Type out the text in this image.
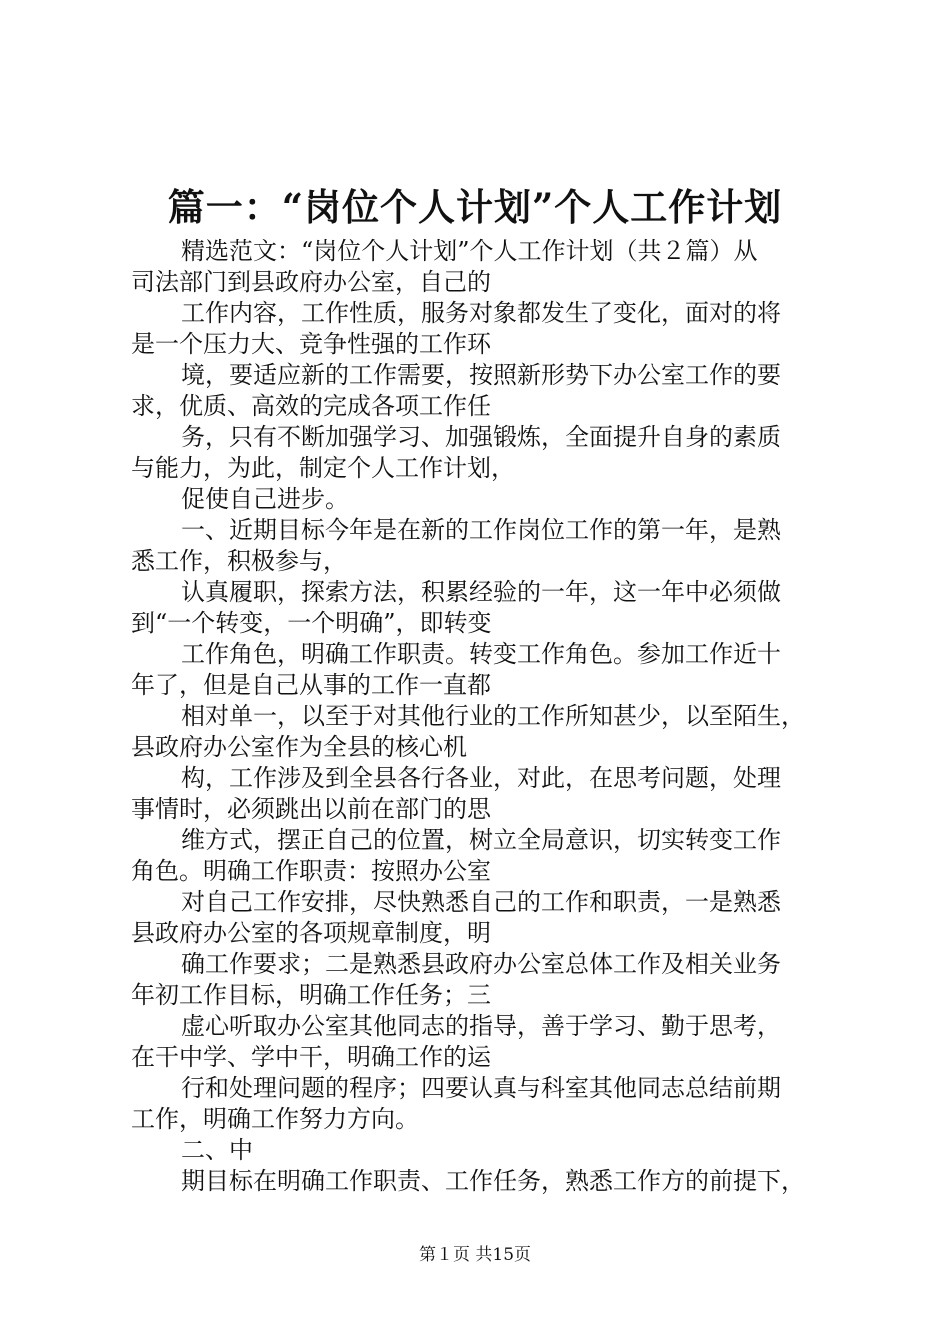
篇一：“岗位个人计划”个人工作计划
精选范文：“岗位个人计划”个人工作计划（共２篇）从
司法部门到县政府办公室，自己的
工作内容，工作性质，服务对象都发生了变化，面对的将
是一个压力大、竞争性强的工作环
境，要适应新的工作需要，按照新形势下办公室工作的要
求，优质、高效的完成各项工作任
务，只有不断加强学习、加强锻炼，全面提升自身的素质
与能力，为此，制定个人工作计划，
促使自己进步。
一、近期目标今年是在新的工作岗位工作的第一年，是熟
悉工作，积极参与，
认真履职，探索方法，积累经验的一年，这一年中必须做
到“一个转变，一个明确”，即转变
工作角色，明确工作职责。转变工作角色。参加工作近十
年了，但是自己从事的工作一直都
相对单一，以至于对其他行业的工作所知甚少，以至陌生，
县政府办公室作为全县的核心机
构，工作涉及到全县各行各业，对此，在思考问题，处理
事情时，必须跳出以前在部门的思
维方式，摆正自己的位置，树立全局意识，切实转变工作
角色。明确工作职责：按照办公室
对自己工作安排，尽快熟悉自己的工作和职责，一是熟悉
县政府办公室的各项规章制度，明
确工作要求；二是熟悉县政府办公室总体工作及相关业务
年初工作目标，明确工作任务；三
虚心听取办公室其他同志的指导，善于学习、勤于思考，
在干中学、学中干，明确工作的运
行和处理问题的程序；四要认真与科室其他同志总结前期
工作，明确工作努力方向。
二、中
期目标在明确工作职责、工作任务，熟悉工作方的前提下，
第１页 共15页
